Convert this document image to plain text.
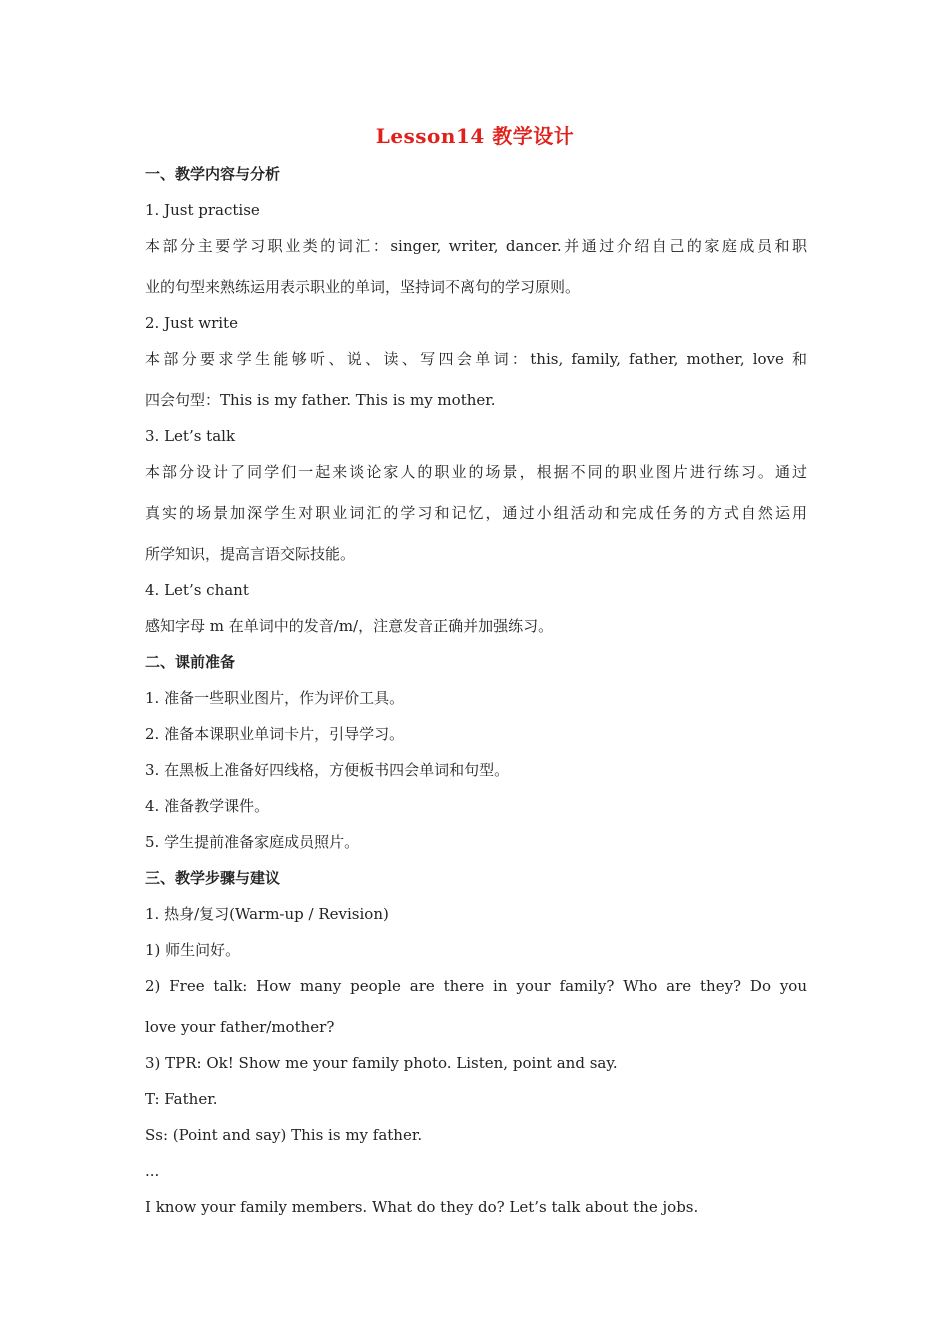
Lesson14 教学设计
一、教学内容与分析
1. Just practise
本部分主要学习职业类的词汇：singer, writer, dancer.并通过介绍自己的家庭成员和职
业的句型来熟练运用表示职业的单词，坚持词不离句的学习原则。
2. Just write
本部分要求学生能够听、说、读、写四会单词：this, family, father, mother, love 和
四会句型：This is my father. This is my mother.
3. Let’s talk
本部分设计了同学们一起来谈论家人的职业的场景，根据不同的职业图片进行练习。通过
真实的场景加深学生对职业词汇的学习和记忆，通过小组活动和完成任务的方式自然运用
所学知识，提高言语交际技能。
4. Let’s chant
感知字母 m 在单词中的发音/m/，注意发音正确并加强练习。
二、课前准备
1. 准备一些职业图片，作为评价工具。
2. 准备本课职业单词卡片，引导学习。
3. 在黑板上准备好四线格，方便板书四会单词和句型。
4. 准备教学课件。
5. 学生提前准备家庭成员照片。
三、教学步骤与建议
1. 热身/复习(Warm-up / Revision)
1) 师生问好。
2) Free talk: How many people are there in your family? Who are they? Do you
love your father/mother?
3) TPR: Ok! Show me your family photo. Listen, point and say.
T: Father.
Ss: (Point and say) This is my father.
...
I know your family members. What do they do? Let’s talk about the jobs.
